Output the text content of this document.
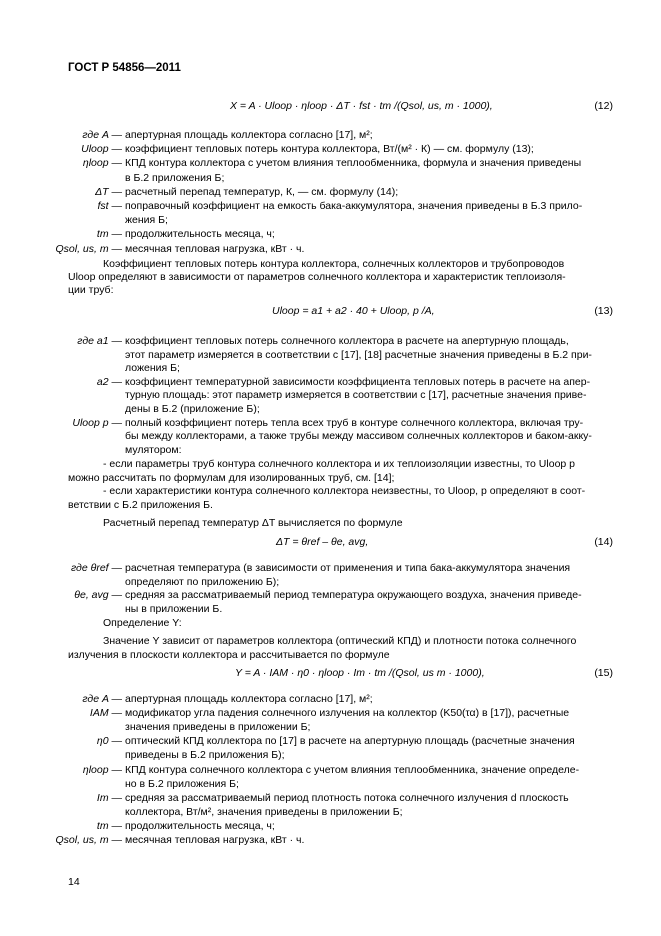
ГОСТ Р 54856—2011
X = A · Uloop · ηloop · ΔT · fst · tm /(Qsol, us, m · 1000),	(12)
где A — апертурная площадь коллектора согласно [17], м²;
Uloop — коэффициент тепловых потерь контура коллектора, Вт/(м² · К) — см. формулу (13);
ηloop — КПД контура коллектора с учетом влияния теплообменника, формула и значения приведены
в Б.2 приложения Б;
ΔT — расчетный перепад температур, К, — см. формулу (14);
fst — поправочный коэффициент на емкость бака-аккумулятора, значения приведены в Б.3 прило-
жения Б;
tm — продолжительность месяца, ч;
Qsol, us, m — месячная тепловая нагрузка, кВт · ч.
Коэффициент тепловых потерь контура коллектора, солнечных коллекторов и трубопроводов
Uloop определяют в зависимости от параметров солнечного коллектора и характеристик теплоизоля-
ции труб:
Uloop = a1 + a2 · 40 + Uloop, p /A,	(13)
где a1 — коэффициент тепловых потерь солнечного коллектора в расчете на апертурную площадь,
этот параметр измеряется в соответствии с [17], [18] расчетные значения приведены в Б.2 при-
ложения Б;
a2 — коэффициент температурной зависимости коэффициента тепловых потерь в расчете на апер-
турную площадь: этот параметр измеряется в соответствии с [17], расчетные значения приве-
дены в Б.2 (приложение Б);
Uloop p — полный коэффициент потерь тепла всех труб в контуре солнечного коллектора, включая тру-
бы между коллекторами, а также трубы между массивом солнечных коллекторов и баком-акку-
мулятором:
- если параметры труб контура солнечного коллектора и их теплоизоляции известны, то Uloop p
можно рассчитать по формулам для изолированных труб, см. [14];
- если характеристики контура солнечного коллектора неизвестны, то Uloop, p определяют в соот-
ветствии с Б.2 приложения Б.
Расчетный перепад температур ΔT вычисляется по формуле
ΔT = θref – θe, avg,	(14)
где θref — расчетная температура (в зависимости от применения и типа бака-аккумулятора значения
определяют по приложению Б);
θe, avg — средняя за рассматриваемый период температура окружающего воздуха, значения приведе-
ны в приложении Б.
Определение Y:
Значение Y зависит от параметров коллектора (оптический КПД) и плотности потока солнечного
излучения в плоскости коллектора и рассчитывается по формуле
Y = A · IAM · η0 · ηloop · Im · tm /(Qsol, us m · 1000),	(15)
где A — апертурная площадь коллектора согласно [17], м²;
IAM — модификатор угла падения солнечного излучения на коллектор (K50(τα) в [17]), расчетные
значения приведены в приложении Б;
η0 — оптический КПД коллектора по [17] в расчете на апертурную площадь (расчетные значения
приведены в Б.2 приложения Б);
ηloop — КПД контура солнечного коллектора с учетом влияния теплообменника, значение определе-
но в Б.2 приложения Б;
Im — средняя за рассматриваемый период плотность потока солнечного излучения d плоскость
коллектора, Вт/м², значения приведены в приложении Б;
tm — продолжительность месяца, ч;
Qsol, us, m — месячная тепловая нагрузка, кВт · ч.
14
